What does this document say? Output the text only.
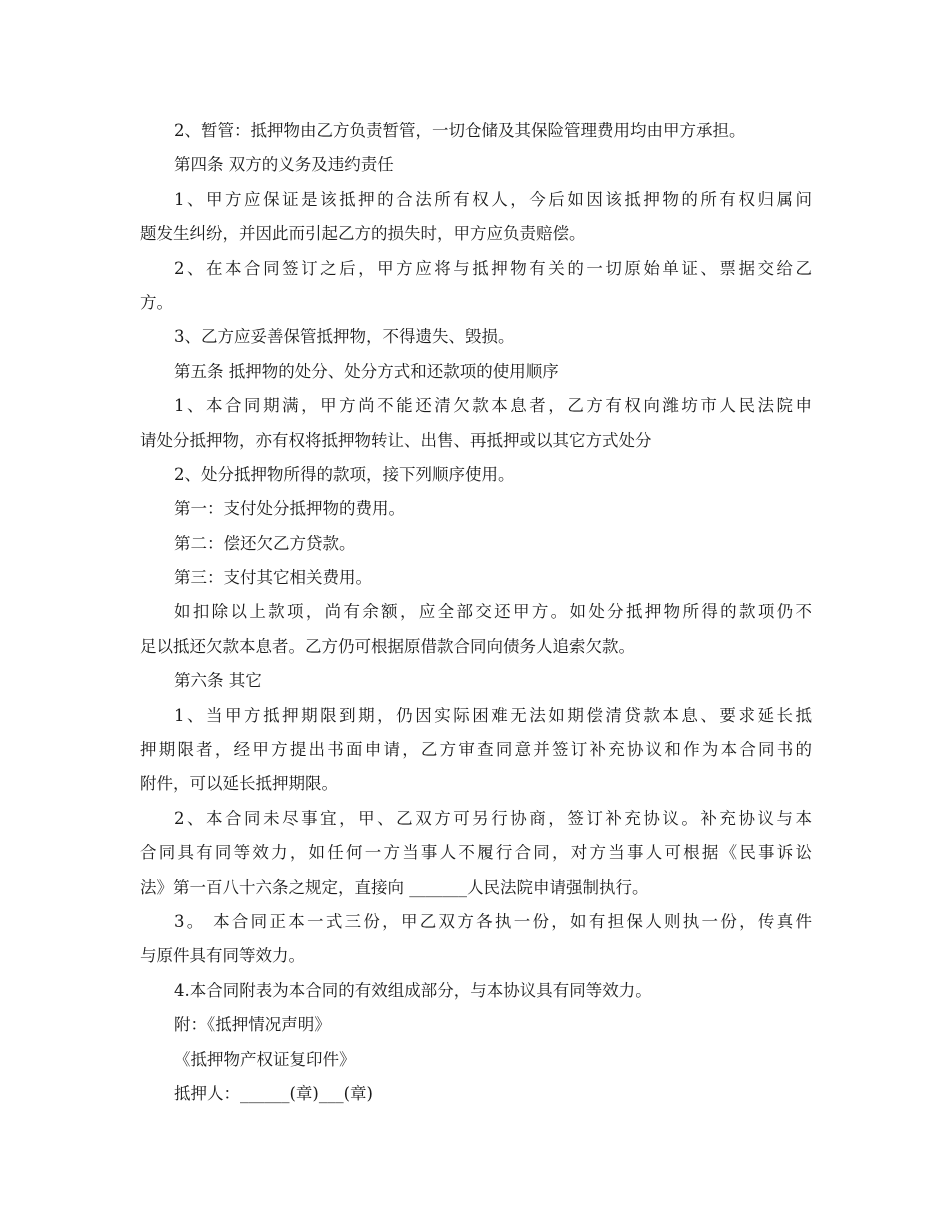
2、暂管：抵押物由乙方负责暂管，一切仓储及其保险管理费用均由甲方承担。

第四条 双方的义务及违约责任

1、甲方应保证是该抵押的合法所有权人，今后如因该抵押物的所有权归属问

题发生纠纷，并因此而引起乙方的损失时，甲方应负责赔偿。

2、在本合同签订之后，甲方应将与抵押物有关的一切原始单证、票据交给乙

方。

3、乙方应妥善保管抵押物，不得遗失、毁损。

第五条 抵押物的处分、处分方式和还款项的使用顺序

1、本合同期满，甲方尚不能还清欠款本息者，乙方有权向潍坊市人民法院申

请处分抵押物，亦有权将抵押物转让、出售、再抵押或以其它方式处分

2、处分抵押物所得的款项，接下列顺序使用。

第一：支付处分抵押物的费用。

第二：偿还欠乙方贷款。

第三：支付其它相关费用。

如扣除以上款项，尚有余额，应全部交还甲方。如处分抵押物所得的款项仍不

足以抵还欠款本息者。乙方仍可根据原借款合同向债务人追索欠款。

第六条 其它

1、当甲方抵押期限到期，仍因实际困难无法如期偿清贷款本息、要求延长抵

押期限者，经甲方提出书面申请，乙方审查同意并签订补充协议和作为本合同书的

附件，可以延长抵押期限。

2、本合同未尽事宜，甲、乙双方可另行协商，签订补充协议。补充协议与本

合同具有同等效力，如任何一方当事人不履行合同，对方当事人可根据《民事诉讼

法》第一百八十六条之规定，直接向 _______人民法院申请强制执行。

3。 本合同正本一式三份，甲乙双方各执一份，如有担保人则执一份，传真件

与原件具有同等效力。

4.本合同附表为本合同的有效组成部分，与本协议具有同等效力。

附：《抵押情况声明》

《抵押物产权证复印件》

抵押人：______(章)___(章)
